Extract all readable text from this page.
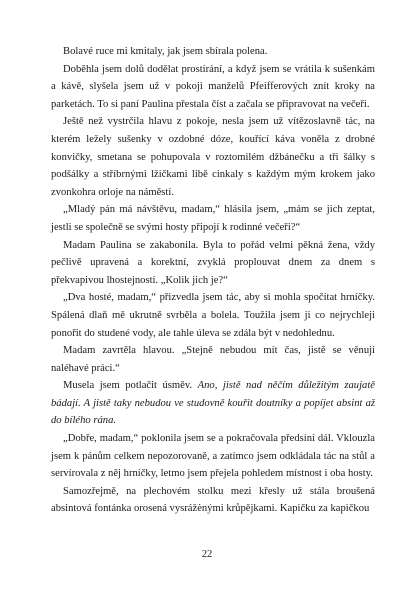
Bolavé ruce mi kmitaly, jak jsem sbírala polena.

Doběhla jsem dolů dodělat prostírání, a když jsem se vrátila k sušenkám a kávě, slyšela jsem už v pokoji manželů Pfeifferových znít kroky na parketách. To si paní Paulina přestala číst a začala se připravovat na večeři.

Ještě než vystrčila hlavu z pokoje, nesla jsem už vítězoslavně tác, na kterém ležely sušenky v ozdobné dóze, kouřící káva voněla z drobné konvičky, smetana se pohupovala v roztomilém džbánečku a tři šálky s podšálky a stříbrnými lžičkami libě cinkaly s každým mým krokem jako zvonkohra orloje na náměstí.

„Mladý pán má návštěvu, madam,“ hlásila jsem, „mám se jich zeptat, jestli se společně se svými hosty připojí k rodinné večeři?“

Madam Paulina se zakabonila. Byla to pořád velmi pěkná žena, vždy pečlivě upravená a korektní, zvyklá proplouvat dnem za dnem s překvapivou lhostejností. „Kolik jich je?“

„Dva hosté, madam,“ přizvedla jsem tác, aby si mohla spočítat hrníčky. Spálená dlaň mě ukrutně svrběla a bolela. Toužila jsem ji co nejrychleji ponořit do studené vody, ale tahle úleva se zdála být v nedohlednu.

Madam zavrtěla hlavou. „Stejně nebudou mít čas, jistě se věnují naléhavé práci.“

Musela jsem potlačit úsměv. Ano, jistě nad něčím důležitým zaujatě bádají. A jistě taky nebudou ve studovně kouřit doutníky a popíjet absint až do bílého rána.

„Dobře, madam,“ poklonila jsem se a pokračovala předsíní dál. Vklouzla jsem k pánům celkem nepozorovaně, a zatímco jsem odkládala tác na stůl a servírovala z něj hrníčky, letmo jsem přejela pohledem místnost i oba hosty.

Samozřejmě, na plechovém stolku mezi křesly už stála broušená absintová fontánka orosená vysrážėnými krůpějkami. Kapičku za kapičkou

22
